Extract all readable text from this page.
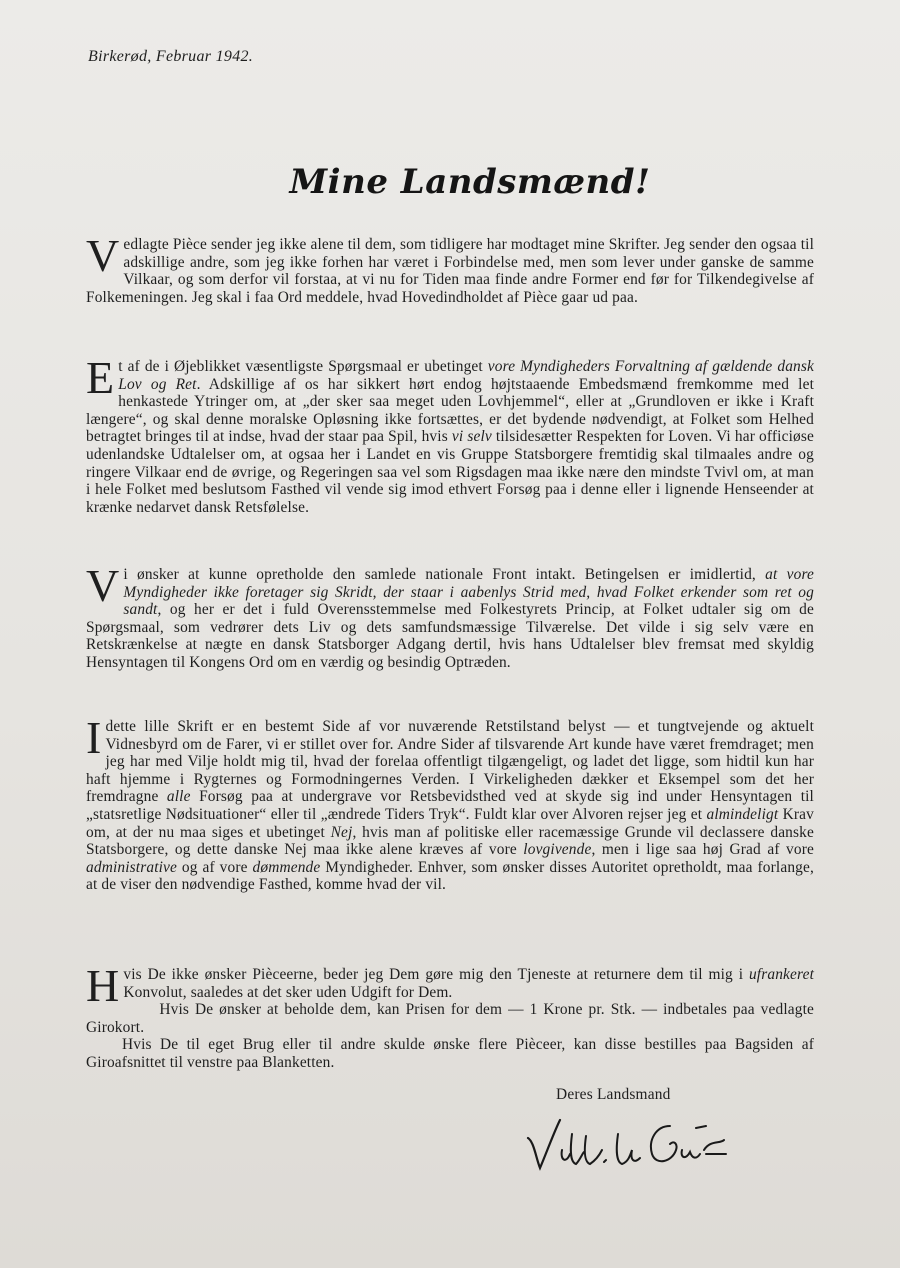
Birkerød, Februar 1942.
Mine Landsmænd!
Vedlagte Pièce sender jeg ikke alene til dem, som tidligere har modtaget mine Skrifter. Jeg sender den ogsaa til adskillige andre, som jeg ikke forhen har været i Forbindelse med, men som lever under ganske de samme Vilkaar, og som derfor vil forstaa, at vi nu for Tiden maa finde andre Former end før for Tilkendegivelse af Folkemeningen. Jeg skal i faa Ord meddele, hvad Hovedindholdet af Pièce gaar ud paa.
Et af de i Øjeblikket væsentligste Spørgsmaal er ubetinget vore Myndigheders Forvaltning af gældende dansk Lov og Ret. Adskillige af os har sikkert hørt endog højtstaaende Embedsmænd fremkomme med let henkastede Ytringer om, at „der sker saa meget uden Lovhjemmel“, eller at „Grundloven er ikke i Kraft længere“, og skal denne moralske Opløsning ikke fortsættes, er det bydende nødvendigt, at Folket som Helhed betragtet bringes til at indse, hvad der staar paa Spil, hvis vi selv tilsidesætter Respekten for Loven. Vi har officiøse udenlandske Udtalelser om, at ogsaa her i Landet en vis Gruppe Statsborgere fremtidig skal tilmaales andre og ringere Vilkaar end de øvrige, og Regeringen saa vel som Rigsdagen maa ikke nære den mindste Tvivl om, at man i hele Folket med beslutsom Fasthed vil vende sig imod ethvert Forsøg paa i denne eller i lignende Henseender at krænke nedarvet dansk Retsfølelse.
Vi ønsker at kunne opretholde den samlede nationale Front intakt. Betingelsen er imidlertid, at vore Myndigheder ikke foretager sig Skridt, der staar i aabenlys Strid med, hvad Folket erkender som ret og sandt, og her er det i fuld Overensstemmelse med Folkestyrets Princip, at Folket udtaler sig om de Spørgsmaal, som vedrører dets Liv og dets samfundsmæssige Tilværelse. Det vilde i sig selv være en Retskrænkelse at nægte en dansk Statsborger Adgang dertil, hvis hans Udtalelser blev fremsat med skyldig Hensyntagen til Kongens Ord om en værdig og besindig Optræden.
I dette lille Skrift er en bestemt Side af vor nuværende Retstilstand belyst — et tungtvejende og aktuelt Vidnesbyrd om de Farer, vi er stillet over for. Andre Sider af tilsvarende Art kunde have været fremdraget; men jeg har med Vilje holdt mig til, hvad der forelaa offentligt tilgængeligt, og ladet det ligge, som hidtil kun har haft hjemme i Rygternes og Formodningernes Verden. I Virkeligheden dækker et Eksempel som det her fremdragne alle Forsøg paa at undergrave vor Retsbevidsthed ved at skyde sig ind under Hensyntagen til „statsretlige Nødsituationer“ eller til „ændrede Tiders Tryk“. Fuldt klar over Alvoren rejser jeg et almindeligt Krav om, at der nu maa siges et ubetinget Nej, hvis man af politiske eller racemæssige Grunde vil declassere danske Statsborgere, og dette danske Nej maa ikke alene kræves af vore lovgivende, men i lige saa høj Grad af vore administrative og af vore dømmende Myndigheder. Enhver, som ønsker disses Autoritet opretholdt, maa forlange, at de viser den nødvendige Fasthed, komme hvad der vil.
Hvis De ikke ønsker Pièceerne, beder jeg Dem gøre mig den Tjeneste at returnere dem til mig i ufrankeret Konvolut, saaledes at det sker uden Udgift for Dem.
Hvis De ønsker at beholde dem, kan Prisen for dem — 1 Krone pr. Stk. — indbetales paa vedlagte Girokort.
Hvis De til eget Brug eller til andre skulde ønske flere Pièceer, kan disse bestilles paa Bagsiden af Giroafsnittet til venstre paa Blanketten.
Deres Landsmand
